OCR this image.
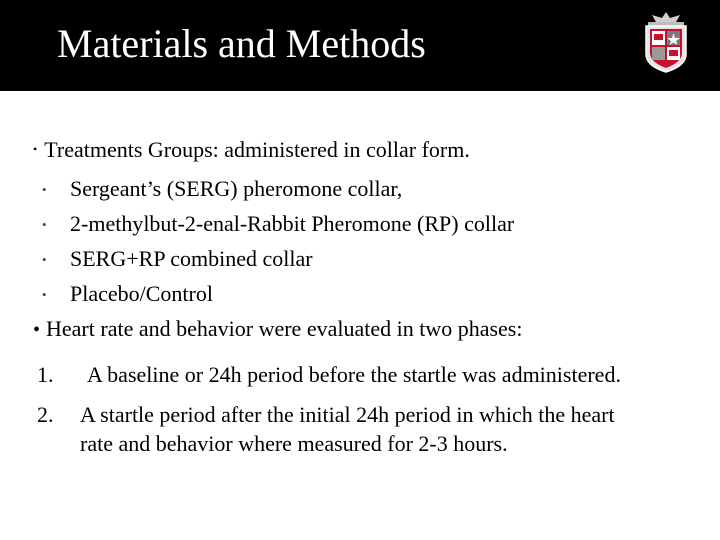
Materials and Methods
• Treatments Groups: administered in collar form.
• Sergeant’s (SERG) pheromone collar,
• 2-methylbut-2-enal-Rabbit Pheromone (RP) collar
• SERG+RP combined collar
• Placebo/Control
• Heart rate and behavior were evaluated in two phases:
1. A baseline or 24h period before the startle was administered.
2. A startle period after the initial 24h period in which the heart
rate and behavior where measured for 2-3 hours.
